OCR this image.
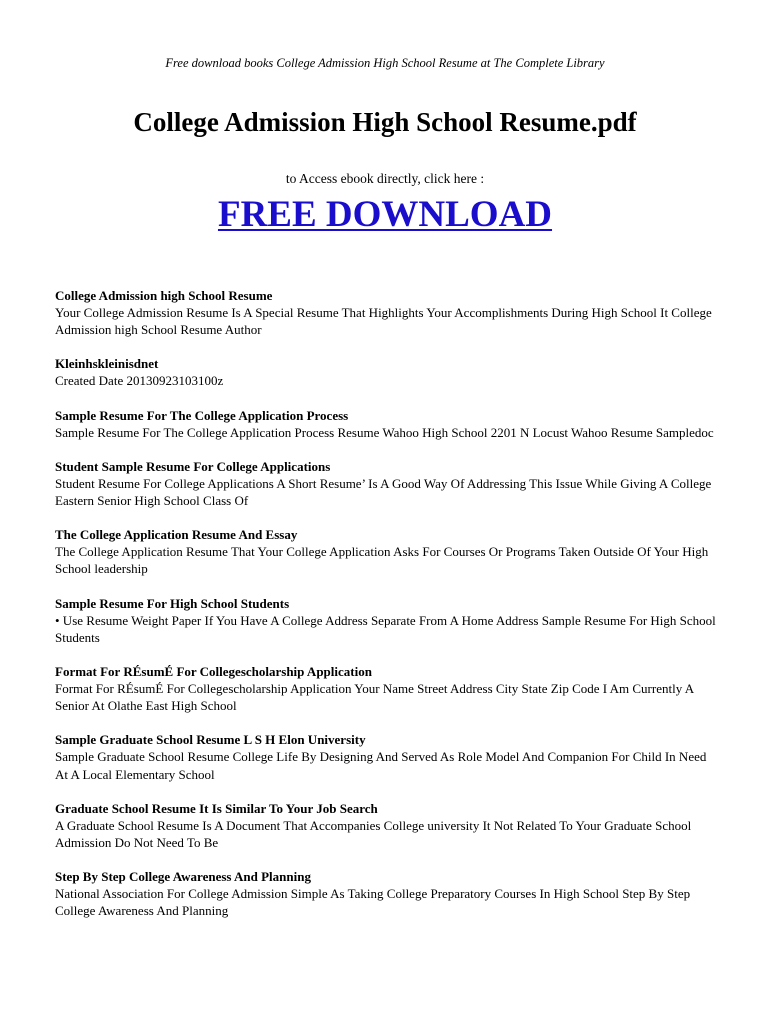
Free download books College Admission High School Resume at The Complete Library
College Admission High School Resume.pdf
to Access ebook directly, click here :
FREE DOWNLOAD

College Admission high School Resume

Your College Admission Resume Is A Special Resume That Highlights Your Accomplishments During High School It College Admission high School Resume Author

Kleinhskleinisdnet

Created Date 20130923103100z

Sample Resume For The College Application Process

Sample Resume For The College Application Process Resume Wahoo High School 2201 N Locust Wahoo Resume Sampledoc

Student Sample Resume For College Applications

Student Resume For College Applications A Short Resume’ Is A Good Way Of Addressing This Issue While Giving A College Eastern Senior High School Class Of

The College Application Resume And Essay

The College Application Resume That Your College Application Asks For Courses Or Programs Taken Outside Of Your High School leadership

Sample Resume For High School Students

• Use Resume Weight Paper If You Have A College Address Separate From A Home Address Sample Resume For High School Students

Format For RÉsumÉ For Collegescholarship Application

Format For RÉsumÉ For Collegescholarship Application Your Name Street Address City State Zip Code I Am Currently A Senior At Olathe East High School

Sample Graduate School Resume L S H Elon University

Sample Graduate School Resume College Life By Designing And Served As Role Model And Companion For Child In Need At A Local Elementary School

Graduate School Resume It Is Similar To Your Job Search

A Graduate School Resume Is A Document That Accompanies College university It Not Related To Your Graduate School Admission Do Not Need To Be

Step By Step College Awareness And Planning

National Association For College Admission Simple As Taking College Preparatory Courses In High School Step By Step College Awareness And Planning
